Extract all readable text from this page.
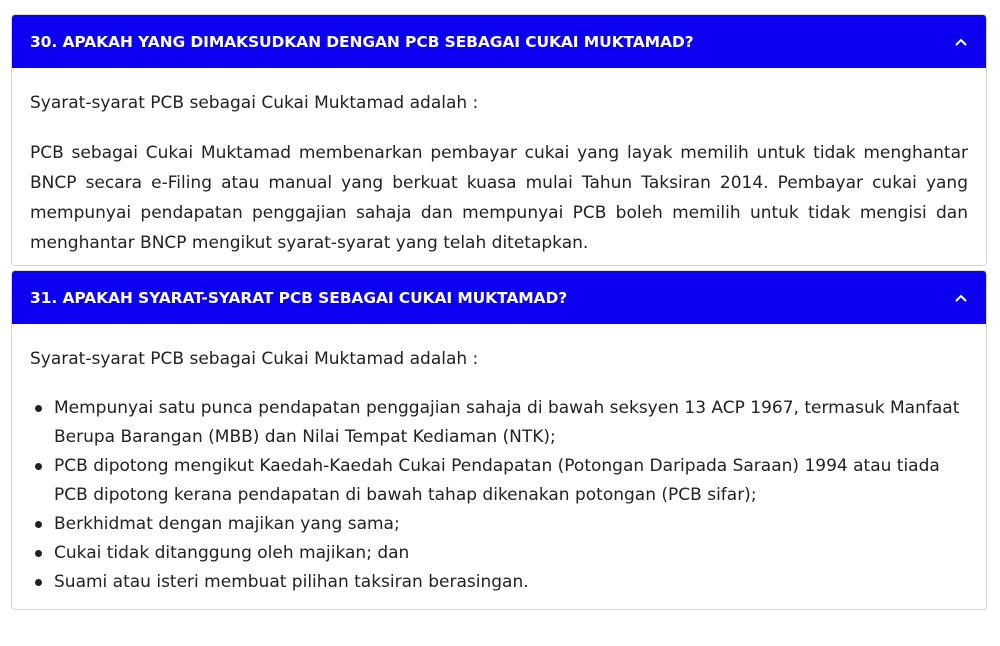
30. APAKAH YANG DIMAKSUDKAN DENGAN PCB SEBAGAI CUKAI MUKTAMAD?

Syarat-syarat PCB sebagai Cukai Muktamad adalah :

PCB sebagai Cukai Muktamad membenarkan pembayar cukai yang layak memilih untuk tidak menghantar BNCP secara e-Filing atau manual yang berkuat kuasa mulai Tahun Taksiran 2014. Pembayar cukai yang mempunyai pendapatan penggajian sahaja dan mempunyai PCB boleh memilih untuk tidak mengisi dan menghantar BNCP mengikut syarat-syarat yang telah ditetapkan.

31. APAKAH SYARAT-SYARAT PCB SEBAGAI CUKAI MUKTAMAD?

Syarat-syarat PCB sebagai Cukai Muktamad adalah :

Mempunyai satu punca pendapatan penggajian sahaja di bawah seksyen 13 ACP 1967, termasuk Manfaat Berupa Barangan (MBB) dan Nilai Tempat Kediaman (NTK);
PCB dipotong mengikut Kaedah-Kaedah Cukai Pendapatan (Potongan Daripada Saraan) 1994 atau tiada PCB dipotong kerana pendapatan di bawah tahap dikenakan potongan (PCB sifar);
Berkhidmat dengan majikan yang sama;
Cukai tidak ditanggung oleh majikan; dan
Suami atau isteri membuat pilihan taksiran berasingan.
